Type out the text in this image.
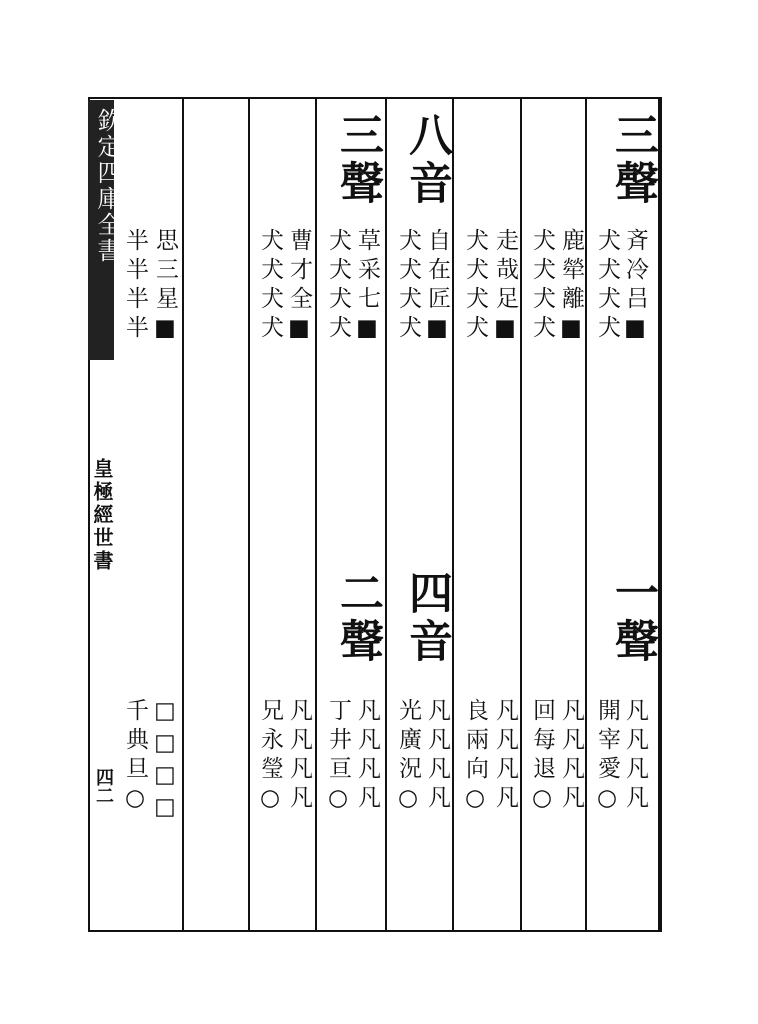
欽定四庫全書
皇極經世書
四二
三聲
斉冷吕■
犬犬犬犬
一聲
凡凡凡凡
開宰愛○
鹿犖離■
犬犬犬犬
凡凡凡凡
回每退○
走哉足■
犬犬犬犬
凡凡凡凡
良兩向○
八音
自在匠■
犬犬犬犬
四音
凡凡凡凡
光廣況○
三聲
草采七■
犬犬犬犬
二聲
凡凡凡凡
丁井亘○
曹才全■
犬犬犬犬
凡凡凡凡
兄永瑩○
思三星■
半半半半
□□□□
千典旦○
